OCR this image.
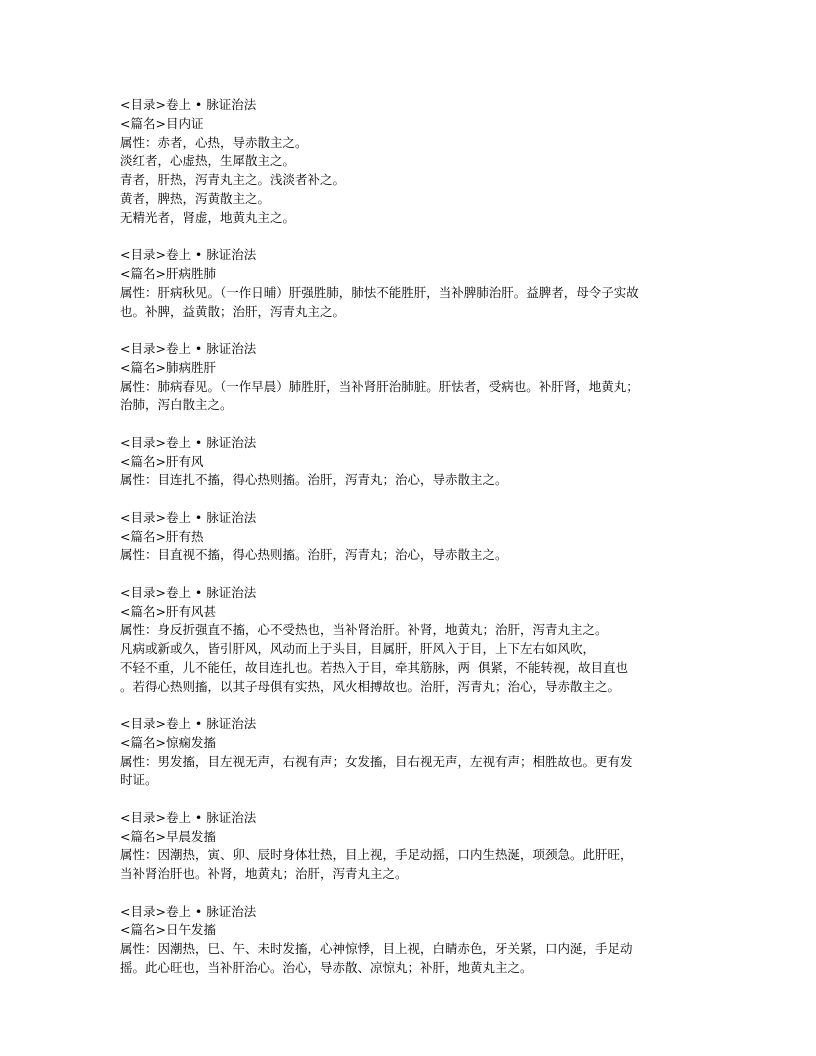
<目录>卷上 • 脉证治法
<篇名>目内证
属性：赤者，心热，导赤散主之。
淡红者，心虚热，生犀散主之。
青者，肝热，泻青丸主之。浅淡者补之。
黄者，脾热，泻黄散主之。
无精光者，肾虚，地黄丸主之。
<目录>卷上 • 脉证治法
<篇名>肝病胜肺
属性：肝病秋见。（一作日晡）肝强胜肺，肺怯不能胜肝，当补脾肺治肝。益脾者，母令子实故
也。补脾，益黄散；治肝，泻青丸主之。
<目录>卷上 • 脉证治法
<篇名>肺病胜肝
属性：肺病春见。（一作早晨）肺胜肝，当补肾肝治肺脏。肝怯者，受病也。补肝肾，地黄丸；
治肺，泻白散主之。
<目录>卷上 • 脉证治法
<篇名>肝有风
属性：目连扎不搐，得心热则搐。治肝，泻青丸；治心，导赤散主之。
<目录>卷上 • 脉证治法
<篇名>肝有热
属性：目直视不搐，得心热则搐。治肝，泻青丸；治心，导赤散主之。
<目录>卷上 • 脉证治法
<篇名>肝有风甚
属性：身反折强直不搐，心不受热也，当补肾治肝。补肾，地黄丸；治肝，泻青丸主之。
凡病或新或久，皆引肝风，风动而上于头目，目属肝，肝风入于目，上下左右如风吹，
不轻不重，儿不能任，故目连扎也。若热入于目，牵其筋脉，两  俱紧，不能转视，故目直也
。若得心热则搐，以其子母俱有实热，风火相搏故也。治肝，泻青丸；治心，导赤散主之。
<目录>卷上 • 脉证治法
<篇名>惊痫发搐
属性：男发搐，目左视无声，右视有声；女发搐，目右视无声，左视有声；相胜故也。更有发
时证。
<目录>卷上 • 脉证治法
<篇名>早晨发搐
属性：因潮热，寅、卯、辰时身体壮热，目上视，手足动摇，口内生热涎，项颈急。此肝旺，
当补肾治肝也。补肾，地黄丸；治肝，泻青丸主之。
<目录>卷上 • 脉证治法
<篇名>日午发搐
属性：因潮热，巳、午、未时发搐，心神惊悸，目上视，白睛赤色，牙关紧，口内涎，手足动
摇。此心旺也，当补肝治心。治心，导赤散、凉惊丸；补肝，地黄丸主之。
